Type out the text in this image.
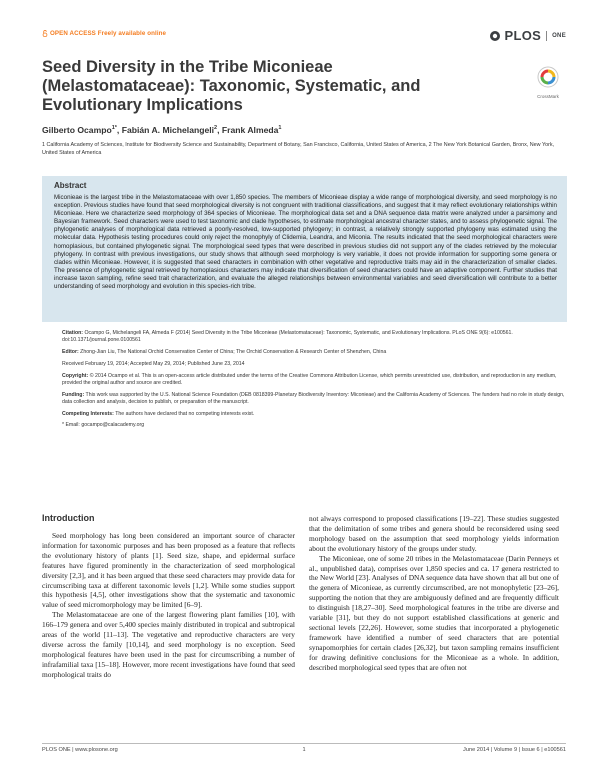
OPEN ACCESS Freely available online	PLOS ONE
Seed Diversity in the Tribe Miconieae (Melastomataceae): Taxonomic, Systematic, and Evolutionary Implications	CrossMark
Gilberto Ocampo$^{1*}$, Fabián A. Michelangeli$^2$, Frank Almeda$^1$

1 California Academy of Sciences, Institute for Biodiversity Science and Sustainability, Department of Botany, San Francisco, California, United States of America, 2 The New York Botanical Garden, Bronx, New York, United States of America

Abstract

Miconieae is the largest tribe in the Melastomataceae with over 1,850 species. The members of Miconieae display a wide range of morphological diversity, and seed morphology is no exception. Previous studies have found that seed morphological diversity is not congruent with traditional classifications, and suggest that it may reflect evolutionary relationships within Miconieae. Here we characterize seed morphology of 364 species of Miconieae. The morphological data set and a DNA sequence data matrix were analyzed under a parsimony and Bayesian framework. Seed characters were used to test taxonomic and clade hypotheses, to estimate morphological ancestral character states, and to assess phylogenetic signal. The phylogenetic analyses of morphological data retrieved a poorly-resolved, low-supported phylogeny; in contrast, a relatively strongly supported phylogeny was estimated using the molecular data. Hypothesis testing procedures could only reject the monophyly of Clidemia, Leandra, and Miconia. The results indicated that the seed morphological characters were homoplasious, but contained phylogenetic signal. The morphological seed types that were described in previous studies did not support any of the clades retrieved by the molecular phylogeny. In contrast with previous investigations, our study shows that although seed morphology is very variable, it does not provide information for supporting some genera or clades within Miconieae. However, it is suggested that seed characters in combination with other vegetative and reproductive traits may aid in the characterization of smaller clades. The presence of phylogenetic signal retrieved by homoplasious characters may indicate that diversification of seed characters could have an adaptive component. Further studies that increase taxon sampling, refine seed trait characterization, and evaluate the alleged relationships between environmental variables and seed diversification will contribute to a better understanding of seed morphology and evolution in this species-rich tribe.

Citation: Ocampo G, Michelangeli FA, Almeda F (2014) Seed Diversity in the Tribe Miconieae (Melastomataceae): Taxonomic, Systematic, and Evolutionary Implications. PLoS ONE 9(6): e100561. doi:10.1371/journal.pone.0100561

Editor: Zhong-Jian Liu, The National Orchid Conservation Center of China; The Orchid Conservation & Research Center of Shenzhen, China

Received February 19, 2014; Accepted May 29, 2014; Published June 23, 2014

Copyright: © 2014 Ocampo et al. This is an open-access article distributed under the terms of the Creative Commons Attribution License, which permits unrestricted use, distribution, and reproduction in any medium, provided the original author and source are credited.

Funding: This work was supported by the U.S. National Science Foundation (DEB 0818399-Planetary Biodiversity Inventory: Miconieae) and the California Academy of Sciences. The funders had no role in study design, data collection and analysis, decision to publish, or preparation of the manuscript.

Competing Interests: The authors have declared that no competing interests exist.

* Email: gocampo@calacademy.org

Introduction

Seed morphology has long been considered an important source of character information for taxonomic purposes and has been proposed as a feature that reflects the evolutionary history of plants [1]. Seed size, shape, and epidermal surface features have figured prominently in the characterization of seed morphological diversity [2,3], and it has been argued that these seed characters may provide data for circumscribing taxa at different taxonomic levels [1,2]. While some studies support this hypothesis [4,5], other investigations show that the systematic and taxonomic value of seed micromorphology may be limited [6–9].

The Melastomataceae are one of the largest flowering plant families [10], with 166–179 genera and over 5,400 species mainly distributed in tropical and subtropical areas of the world [11–13]. The vegetative and reproductive characters are very diverse across the family [10,14], and seed morphology is no exception. Seed morphological features have been used in the past for circumscribing a number of infrafamilial taxa [15–18]. However, more recent investigations have found that seed morphological traits do

not always correspond to proposed classifications [19–22]. These studies suggested that the delimitation of some tribes and genera should be reconsidered using seed morphology based on the assumption that seed morphology yields information about the evolutionary history of the groups under study.

The Miconieae, one of some 20 tribes in the Melastomataceae (Darin Penneys et al., unpublished data), comprises over 1,850 species and ca. 17 genera restricted to the New World [23]. Analyses of DNA sequence data have shown that all but one of the genera of Miconieae, as currently circumscribed, are not monophyletic [23–26], supporting the notion that they are ambiguously defined and are frequently difficult to distinguish [18,27–30]. Seed morphological features in the tribe are diverse and variable [31], but they do not support established classifications at generic and sectional levels [22,26]. However, some studies that incorporated a phylogenetic framework have identified a number of seed characters that are potential synapomorphies for certain clades [26,32], but taxon sampling remains insufficient for drawing definitive conclusions for the Miconieae as a whole. In addition, described morphological seed types that are often not

PLOS ONE | www.plosone.org	1	June 2014 | Volume 9 | Issue 6 | e100561
